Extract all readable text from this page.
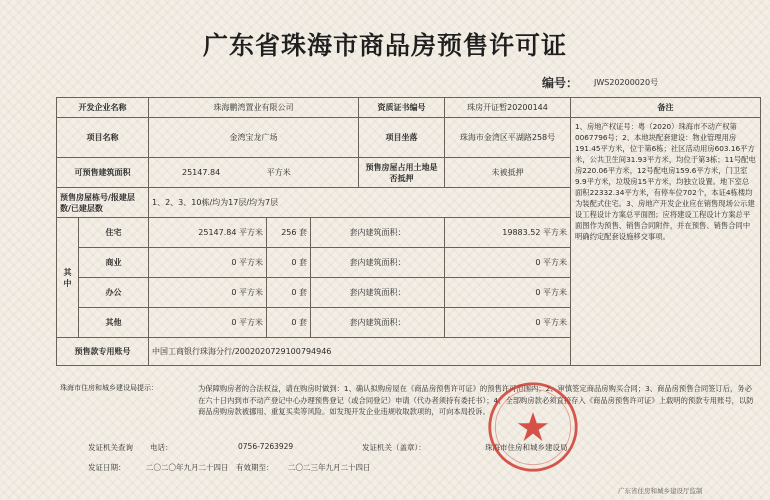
广东省珠海市商品房预售许可证
编号： JWS20200020号
开发企业名称		珠海鹏湾置业有限公司			资质证书编号	珠房开证暂20200144	备注
项目名称		金湾宝龙广场			项目坐落	珠海市金湾区平湖路258号	1、房地产权证号：粤（2020）珠海市不动产权第0067796号；2、本地块配套建设：物业管理用房191.45平方米，位于第6栋；社区活动用房603.16平方米，公共卫生间31.93平方米，均位于第3栋；11号配电房220.06平方米，12号配电房159.6平方米，门卫室9.9平方米，垃圾房15平方米，均独立设置。地下室总面积22332.34平方米，有停车位702个，本证4栋楼均为装配式住宅。3、房地产开发企业应在销售现场公示建设工程设计方案总平面图；应将建设工程设计方案总平面图作为预售、销售合同附件，并在预售、销售合同中明确约定配套设施移交事项。
可预售建筑面积		25147.84 平方米			预售房屋占用土地是否抵押	未被抵押	
预售房屋栋号/报建层数/已建层数		1、2、3、10栋/均为17层/均为7层					
其中	住宅	25147.84 平方米	256 套	套内建筑面积：		19883.52 平方米	
	商业	0 平方米	0 套	套内建筑面积：		0 平方米	
	办公	0 平方米	0 套	套内建筑面积：		0 平方米	
	其他	0 平方米	0 套	套内建筑面积：		0 平方米	
预售款专用账号		中国工商银行珠海分行/2002020729100794946					
珠海市住房和城乡建设局提示：	为保障购房者的合法权益，请在购房时做到：1、确认拟购房屋在《商品房预售许可证》的预售许可范围内；2、审慎签定商品房购买合同；3、商品房预售合同签订后，务必在六十日内到市不动产登记中心办理预售登记（或合同登记）申请（代办者须持有委托书）；4、全部购房款必须直接存入《商品房预售许可证》上载明的预款专用账号，以防商品房购房款被挪用、重复买卖等风险。如发现开发企业违规收取款项的，可向本局投诉。
发证机关查询 电话：	0756-7263929	发证机关（盖章）：	珠海市住房和城乡建设局
发证日期：	二〇二〇年九月二十四日 有效期至： 二〇二三年九月二十四日
广东省住房和城乡建设厅监制
